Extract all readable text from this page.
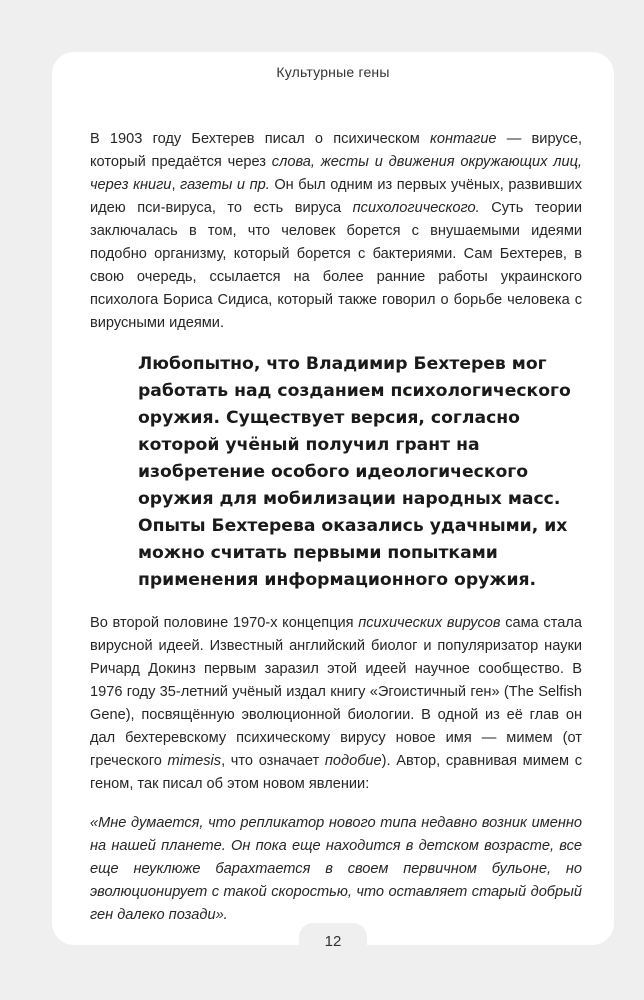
Культурные гены

В 1903 году Бехтерев писал о психическом контагие — вирусе, который предаётся через слова, жесты и движения окружающих лиц, через книги, газеты и пр. Он был одним из первых учёных, развивших идею пси-вируса, то есть вируса психологического. Суть теории заключалась в том, что человек борется с внушаемыми идеями подобно организму, который борется с бактериями. Сам Бехтерев, в свою очередь, ссылается на более ранние работы украинского психолога Бориса Сидиса, который также говорил о борьбе человека с вирусными идеями.

Любопытно, что Владимир Бехтерев мог работать над созданием психологического оружия. Существует версия, согласно которой учёный получил грант на изобретение особого идеологического оружия для мобилизации народных масс. Опыты Бехтерева оказались удачными, их можно считать первыми попытками применения информационного оружия.

Во второй половине 1970-х концепция психических вирусов сама стала вирусной идеей. Известный английский биолог и популяризатор науки Ричард Докинз первым заразил этой идеей научное сообщество. В 1976 году 35-летний учёный издал книгу «Эгоистичный ген» (The Selfish Gene), посвящённую эволюционной биологии. В одной из её глав он дал бехтеревскому психическому вирусу новое имя — мимем (от греческого mimesis, что означает подобие). Автор, сравнивая мимем с геном, так писал об этом новом явлении:

«Мне думается, что репликатор нового типа недавно возник именно на нашей планете. Он пока еще находится в детском возрасте, все еще неуклюже барахтается в своем первичном бульоне, но эволюционирует с такой скоростью, что оставляет старый добрый ген далеко позади».

12
